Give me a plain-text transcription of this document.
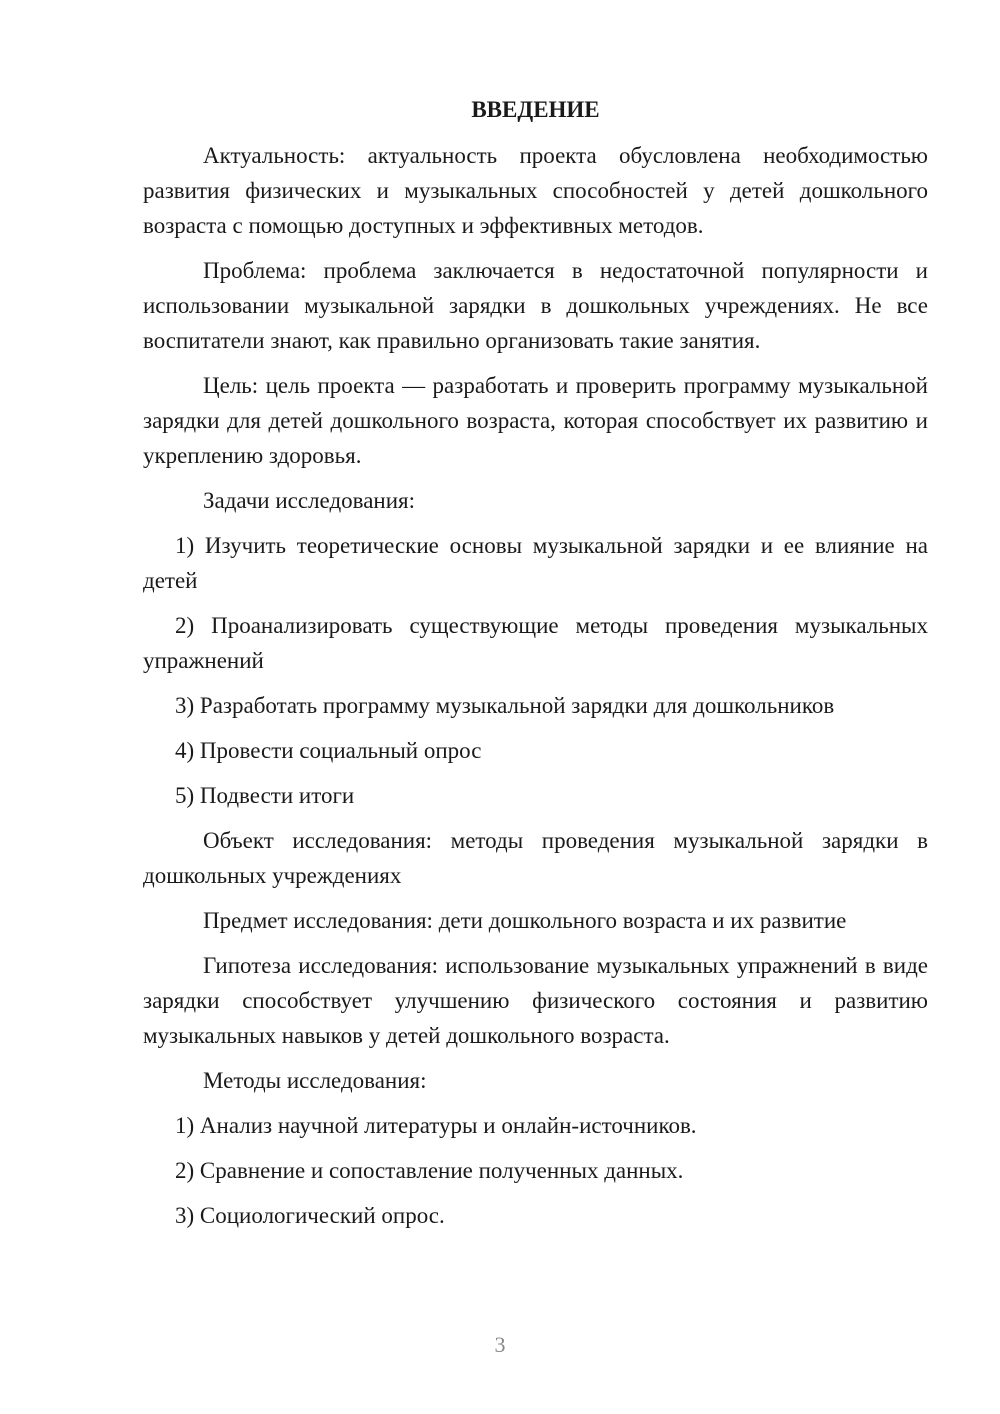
ВВЕДЕНИЕ

Актуальность: актуальность проекта обусловлена необходимостью развития физических и музыкальных способностей у детей дошкольного возраста с помощью доступных и эффективных методов.

Проблема: проблема заключается в недостаточной популярности и использовании музыкальной зарядки в дошкольных учреждениях. Не все воспитатели знают, как правильно организовать такие занятия.

Цель: цель проекта — разработать и проверить программу музыкальной зарядки для детей дошкольного возраста, которая способствует их развитию и укреплению здоровья.

Задачи исследования:

1) Изучить теоретические основы музыкальной зарядки и ее влияние на детей

2) Проанализировать существующие методы проведения музыкальных упражнений

3) Разработать программу музыкальной зарядки для дошкольников

4) Провести социальный опрос

5) Подвести итоги

Объект исследования: методы проведения музыкальной зарядки в дошкольных учреждениях

Предмет исследования: дети дошкольного возраста и их развитие

Гипотеза исследования: использование музыкальных упражнений в виде зарядки способствует улучшению физического состояния и развитию музыкальных навыков у детей дошкольного возраста.

Методы исследования:

1) Анализ научной литературы и онлайн-источников.

2) Сравнение и сопоставление полученных данных.

3) Социологический опрос.

3
